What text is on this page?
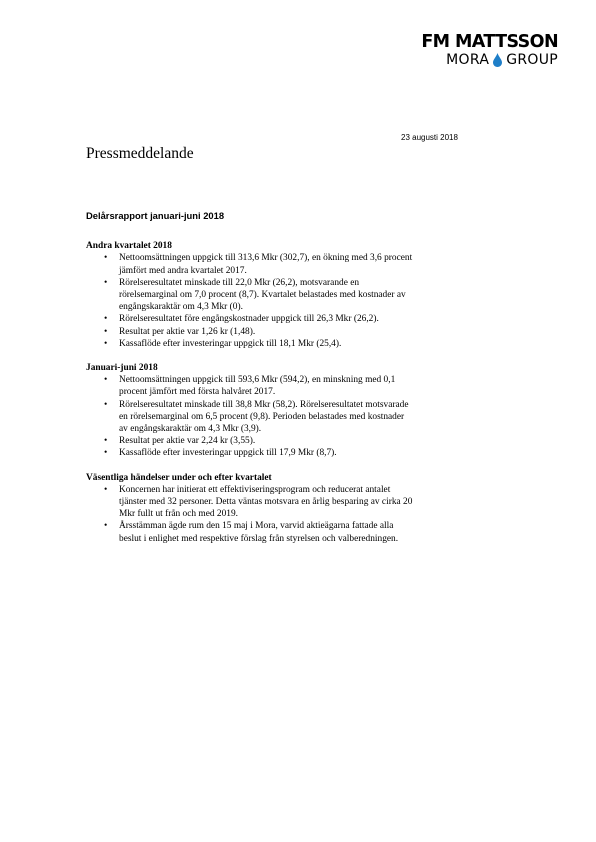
FM MATTSSON
MORA GROUP
23 augusti 2018
Pressmeddelande
Delårsrapport januari-juni 2018
Andra kvartalet 2018
• Nettoomsättningen uppgick till 313,6 Mkr (302,7), en ökning med 3,6 procent
jämfört med andra kvartalet 2017.
• Rörelseresultatet minskade till 22,0 Mkr (26,2), motsvarande en
rörelsemarginal om 7,0 procent (8,7). Kvartalet belastades med kostnader av
engångskaraktär om 4,3 Mkr (0).
• Rörelseresultatet före engångskostnader uppgick till 26,3 Mkr (26,2).
• Resultat per aktie var 1,26 kr (1,48).
• Kassaflöde efter investeringar uppgick till 18,1 Mkr (25,4).
Januari-juni 2018
• Nettoomsättningen uppgick till 593,6 Mkr (594,2), en minskning med 0,1
procent jämfört med första halvåret 2017.
• Rörelseresultatet minskade till 38,8 Mkr (58,2). Rörelseresultatet motsvarade
en rörelsemarginal om 6,5 procent (9,8). Perioden belastades med kostnader
av engångskaraktär om 4,3 Mkr (3,9).
• Resultat per aktie var 2,24 kr (3,55).
• Kassaflöde efter investeringar uppgick till 17,9 Mkr (8,7).
Väsentliga händelser under och efter kvartalet
• Koncernen har initierat ett effektiviseringsprogram och reducerat antalet
tjänster med 32 personer. Detta väntas motsvara en årlig besparing av cirka 20
Mkr fullt ut från och med 2019.
• Årsstämman ägde rum den 15 maj i Mora, varvid aktieägarna fattade alla
beslut i enlighet med respektive förslag från styrelsen och valberedningen.
